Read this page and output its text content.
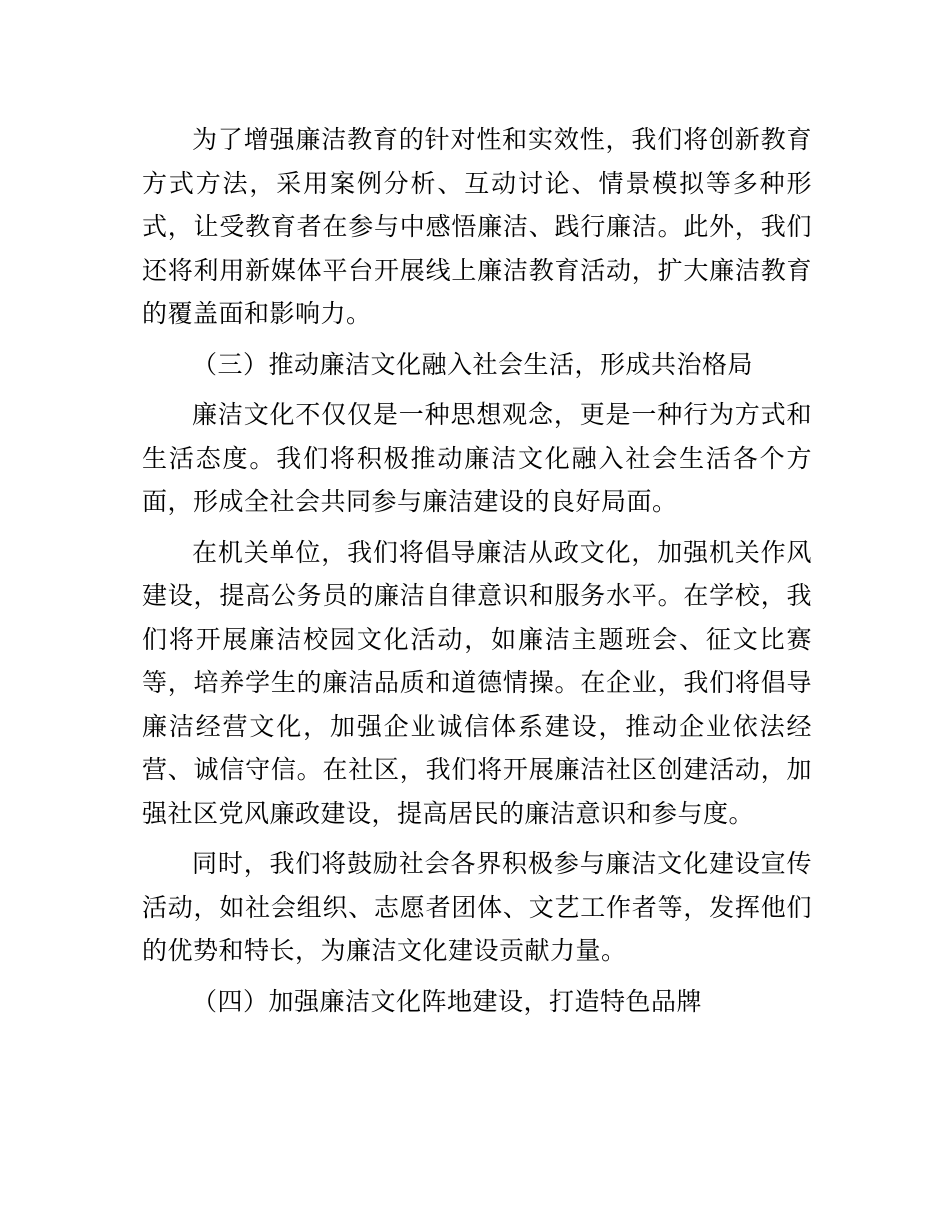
为了增强廉洁教育的针对性和实效性，我们将创新教育方式方法，采用案例分析、互动讨论、情景模拟等多种形式，让受教育者在参与中感悟廉洁、践行廉洁。此外，我们还将利用新媒体平台开展线上廉洁教育活动，扩大廉洁教育的覆盖面和影响力。

（三）推动廉洁文化融入社会生活，形成共治格局

廉洁文化不仅仅是一种思想观念，更是一种行为方式和生活态度。我们将积极推动廉洁文化融入社会生活各个方面，形成全社会共同参与廉洁建设的良好局面。

在机关单位，我们将倡导廉洁从政文化，加强机关作风建设，提高公务员的廉洁自律意识和服务水平。在学校，我们将开展廉洁校园文化活动，如廉洁主题班会、征文比赛等，培养学生的廉洁品质和道德情操。在企业，我们将倡导廉洁经营文化，加强企业诚信体系建设，推动企业依法经营、诚信守信。在社区，我们将开展廉洁社区创建活动，加强社区党风廉政建设，提高居民的廉洁意识和参与度。

同时，我们将鼓励社会各界积极参与廉洁文化建设宣传活动，如社会组织、志愿者团体、文艺工作者等，发挥他们的优势和特长，为廉洁文化建设贡献力量。

（四）加强廉洁文化阵地建设，打造特色品牌
